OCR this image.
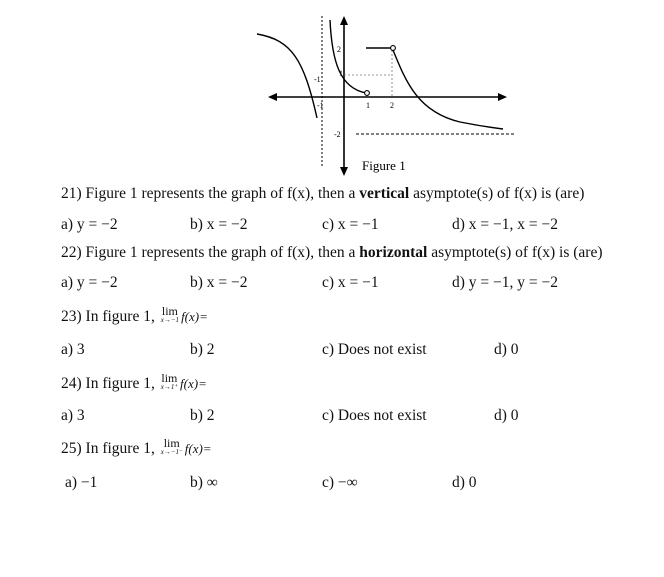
2
1
-1
-1	1	2
-2
Figure 1
21) Figure 1 represents the graph of f(x), then a vertical asymptote(s) of f(x) is (are)
a) y = −2	b) x = −2	c) x = −1	d) x = −1, x = −2
22) Figure 1 represents the graph of f(x), then a horizontal asymptote(s) of f(x) is (are)
a) y = −2	b) x = −2	c) x = −1	d) y = −1, y = −2
23) In figure 1, lim
x→−1 f(x)=
a) 3	b) 2	c) Does not exist	d) 0
24) In figure 1, lim
x→1⁺ f(x)=
a) 3	b) 2	c) Does not exist	d) 0
25) In figure 1, lim
x→−1⁻ f(x)=
a) −1	b) ∞	c) −∞	d) 0
